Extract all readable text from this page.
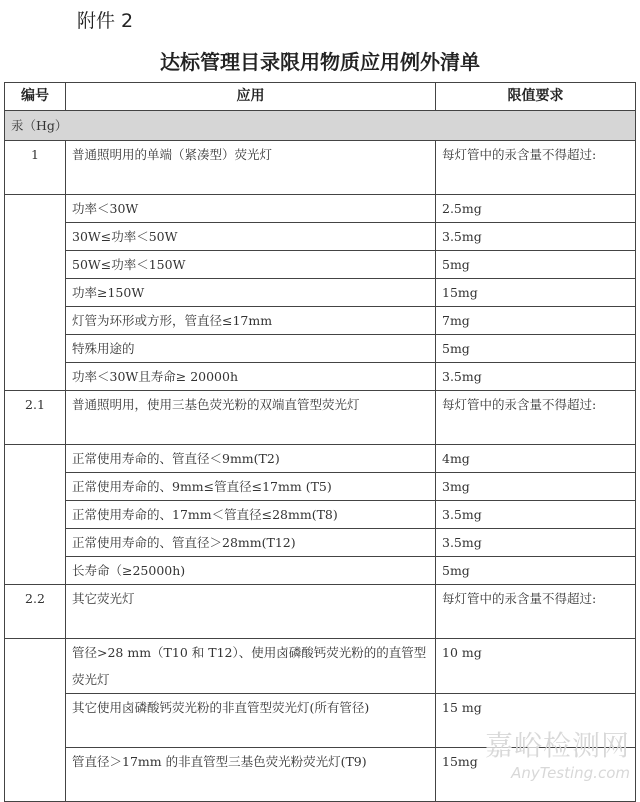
附件 2
达标管理目录限用物质应用例外清单
编号	应用	限值要求
汞（Hg）		
1	普通照明用的单端（紧凑型）荧光灯	每灯管中的汞含量不得超过:
	功率＜30W	2.5mg
	30W≤功率＜50W	3.5mg
	50W≤功率＜150W	5mg
	功率≥150W	15mg
	灯管为环形或方形，管直径≤17mm	7mg
	特殊用途的	5mg
	功率＜30W且寿命≥ 20000h	3.5mg
2.1	普通照明用，使用三基色荧光粉的双端直管型荧光灯	每灯管中的汞含量不得超过:
	正常使用寿命的、管直径＜9mm(T2)	4mg
	正常使用寿命的、9mm≤管直径≤17mm (T5)	3mg
	正常使用寿命的、17mm＜管直径≤28mm(T8)	3.5mg
	正常使用寿命的、管直径＞28mm(T12)	3.5mg
	长寿命（≥25000h)	5mg
2.2	其它荧光灯	每灯管中的汞含量不得超过:
	管径>28 mm（T10 和 T12）、使用卤磷酸钙荧光粉的的直管型荧光灯	10 mg
	其它使用卤磷酸钙荧光粉的非直管型荧光灯(所有管径)	15 mg
	管直径＞17mm 的非直管型三基色荧光粉荧光灯(T9)	15mg 嘉峪检测网
AnyTesting.com
